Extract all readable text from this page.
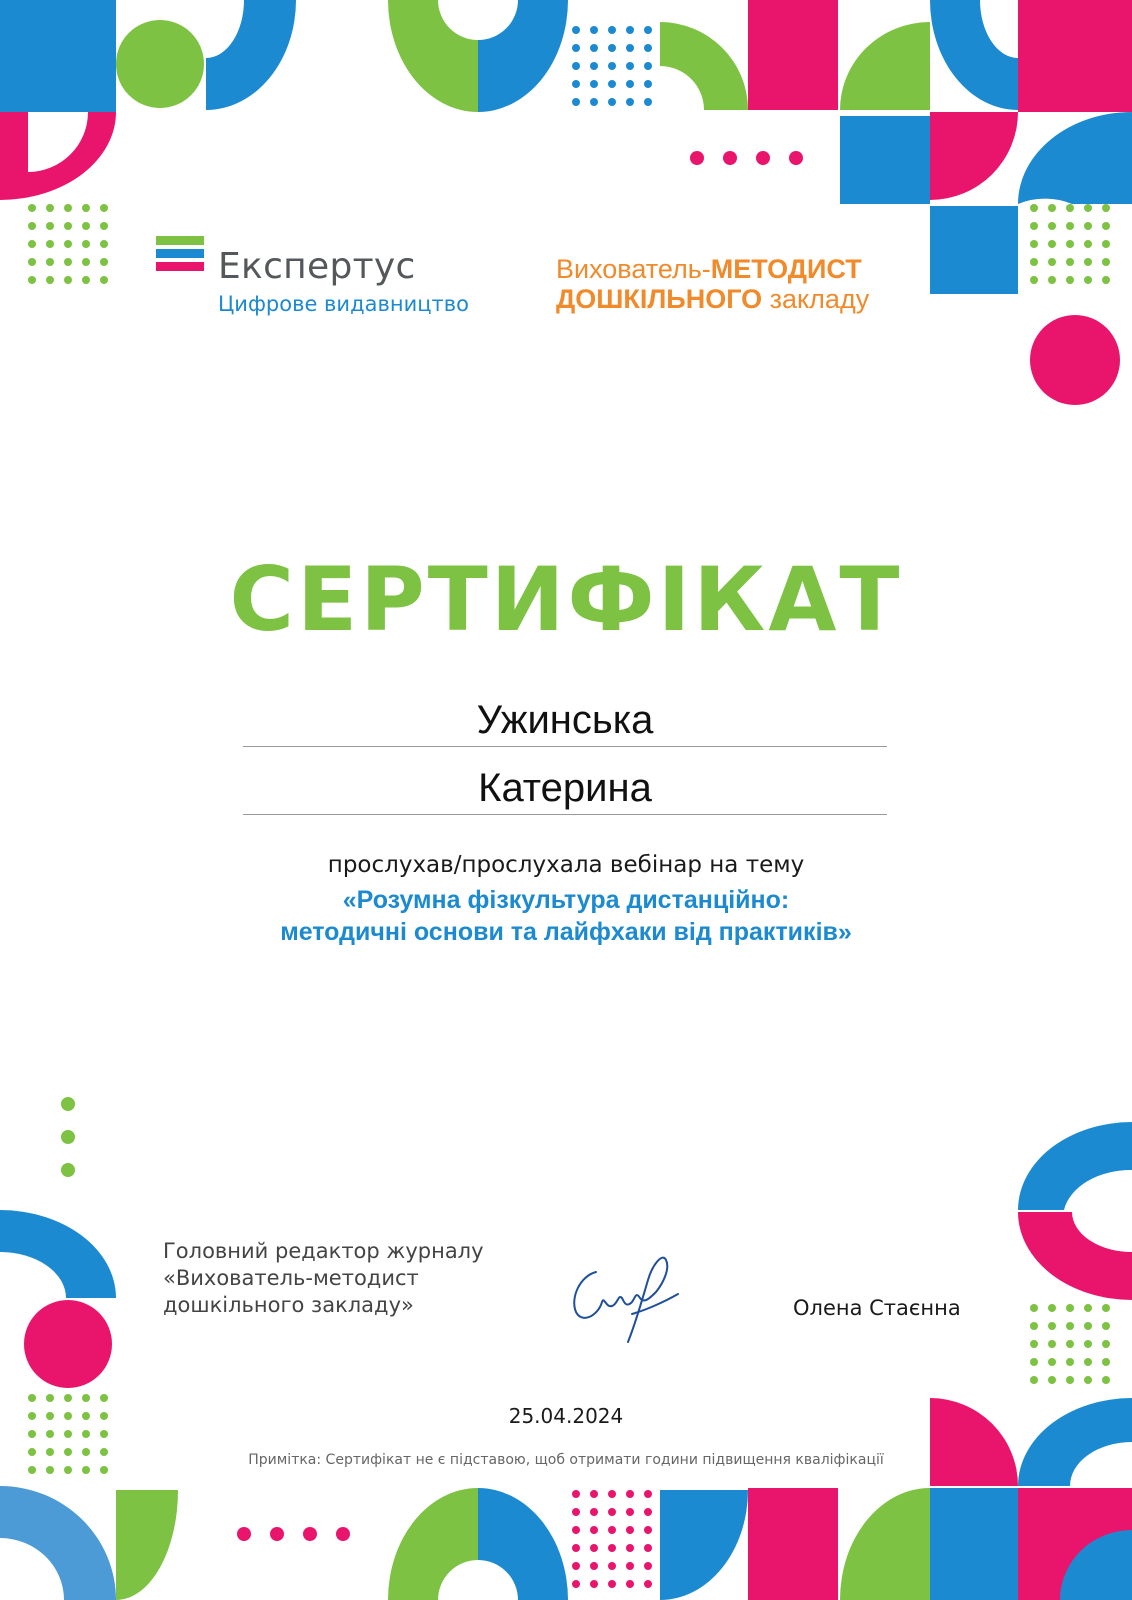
Експертус
Цифрове видавництво
Вихователь-МЕТОДИСТ
ДОШКІЛЬНОГО закладу
СЕРТИФІКАТ
Ужинська
Катерина
прослухав/прослухала вебінар на тему
«Розумна фізкультура дистанційно:
методичні основи та лайфхаки від практиків»
Головний редактор журналу
«Вихователь-методист
дошкільного закладу»	Олена Стаєнна
25.04.2024
Примітка: Сертифікат не є підставою, щоб отримати години підвищення кваліфікації
